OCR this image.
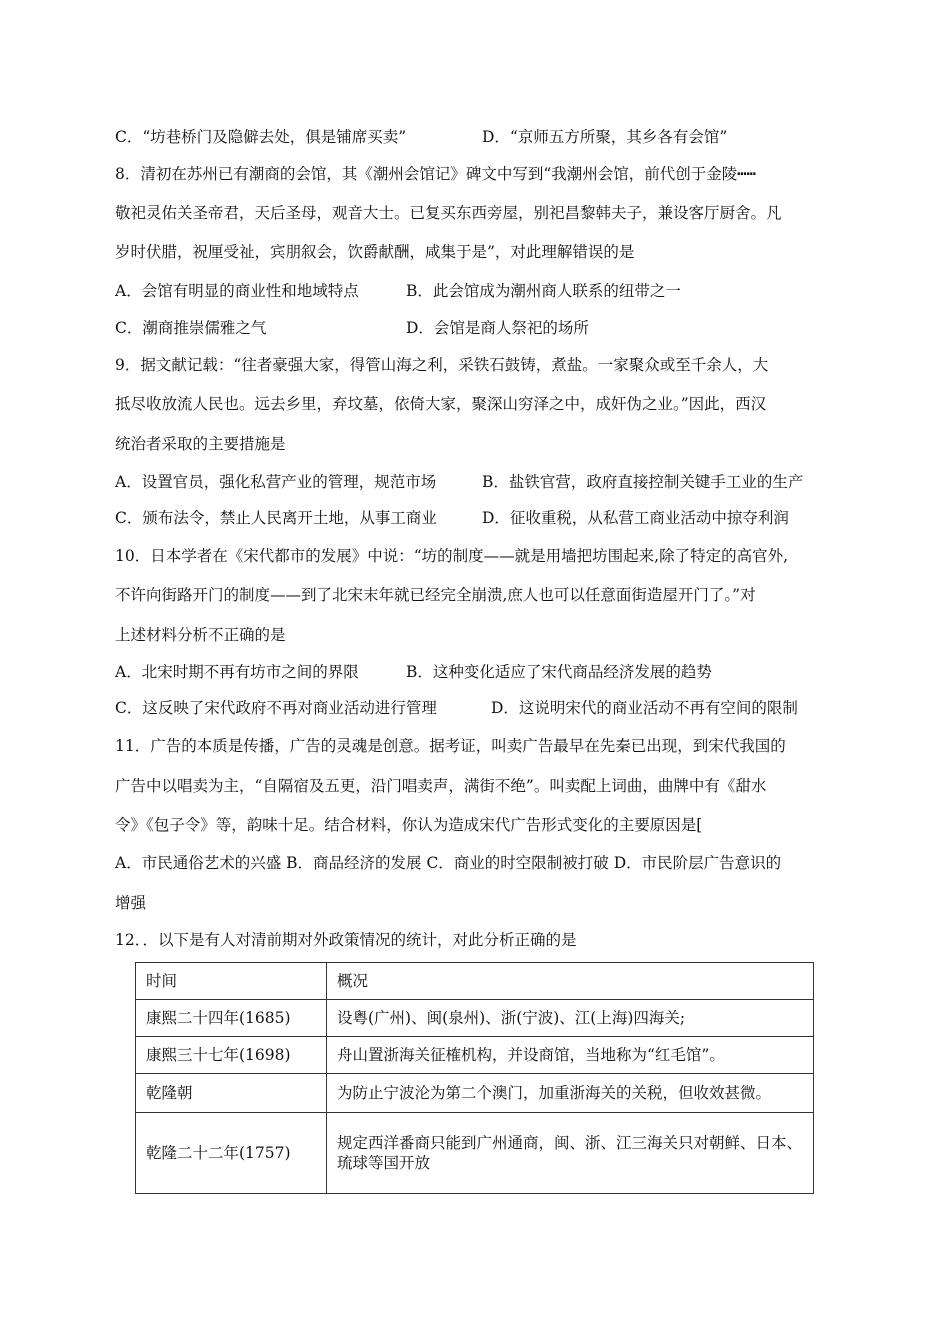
C．“坊巷桥门及隐僻去处，俱是铺席买卖”	D．“京师五方所聚，其乡各有会馆”
8．清初在苏州已有潮商的会馆，其《潮州会馆记》碑文中写到“我潮州会馆，前代创于金陵┅┅
敬祀灵佑关圣帝君，天后圣母，观音大士。已复买东西旁屋，别祀昌黎韩夫子，兼设客厅厨舍。凡
岁时伏腊，祝厘受祉，宾朋叙会，饮爵献酬，咸集于是”，对此理解错误的是
A．会馆有明显的商业性和地域特点	B．此会馆成为潮州商人联系的纽带之一
C．潮商推崇儒雅之气	D．会馆是商人祭祀的场所
9．据文献记载：“往者豪强大家，得管山海之利，采铁石鼓铸，煮盐。一家聚众或至千余人，大
抵尽收放流人民也。远去乡里，弃坟墓，依倚大家，聚深山穷泽之中，成奸伪之业。”因此，西汉
统治者采取的主要措施是
A．设置官员，强化私营产业的管理，规范市场	B．盐铁官营，政府直接控制关键手工业的生产
C．颁布法令，禁止人民离开土地，从事工商业	D．征收重税，从私营工商业活动中掠夺利润
10．日本学者在《宋代都市的发展》中说：“坊的制度——就是用墙把坊围起来,除了特定的高官外,
不许向街路开门的制度——到了北宋末年就已经完全崩溃,庶人也可以任意面街造屋开门了。”对
上述材料分析不正确的是
A．北宋时期不再有坊市之间的界限	B．这种变化适应了宋代商品经济发展的趋势
C．这反映了宋代政府不再对商业活动进行管理	D．这说明宋代的商业活动不再有空间的限制
11．广告的本质是传播，广告的灵魂是创意。据考证，叫卖广告最早在先秦已出现，到宋代我国的
广告中以唱卖为主，“自隔宿及五更，沿门唱卖声，满街不绝”。叫卖配上词曲，曲牌中有《甜水
令》《包子令》等，韵味十足。结合材料，你认为造成宋代广告形式变化的主要原因是[
A．市民通俗艺术的兴盛 B．商品经济的发展 C．商业的时空限制被打破 D．市民阶层广告意识的
增强
12．．以下是有人对清前期对外政策情况的统计，对此分析正确的是
时间	概况
康熙二十四年(1685)	设粤(广州)、闽(泉州)、浙(宁波)、江(上海)四海关;
康熙三十七年(1698)	舟山置浙海关征榷机构，并设商馆，当地称为“红毛馆”。
乾隆朝	为防止宁波沦为第二个澳门，加重浙海关的关税，但收效甚微。
乾隆二十二年(1757)	规定西洋番商只能到广州通商，闽、浙、江三海关只对朝鲜、日本、琉球等国开放
